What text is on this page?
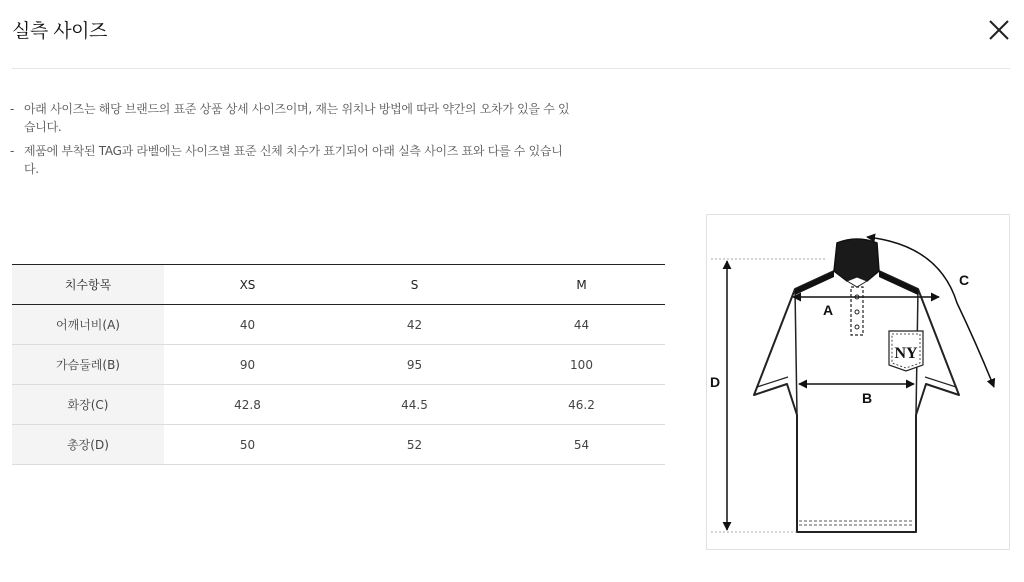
실측 사이즈
- 아래 사이즈는 해당 브랜드의 표준 상품 상세 사이즈이며, 재는 위치나 방법에 따라 약간의 오차가 있을 수 있습니다.
- 제품에 부착된 TAG과 라벨에는 사이즈별 표준 신체 치수가 표기되어 아래 실측 사이즈 표와 다를 수 있습니다.
치수항목	XS	S	M
어깨너비(A)	40	42	44
가슴둘레(B)	90	95	100
화장(C)	42.8	44.5	46.2
총장(D)	50	52	54
NY
A
B
C
D
